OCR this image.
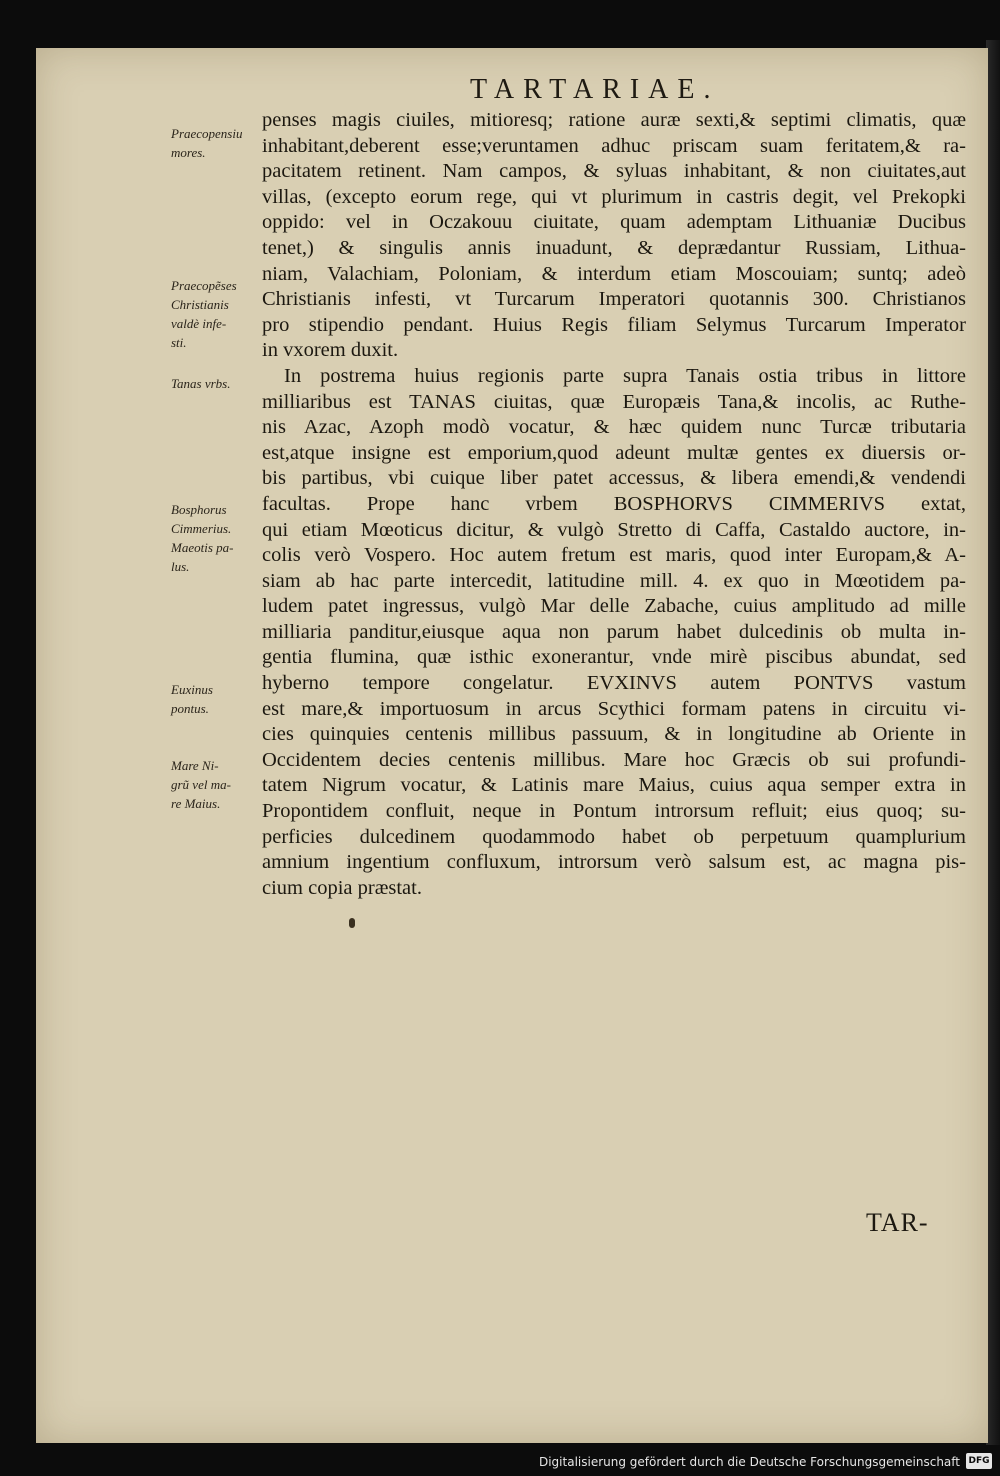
TARTARIAE.
Praecopensiu
mores.
Praecopẽses
Christianis
valdè infe-
sti.
Tanas vrbs.
Bosphorus
Cimmerius.
Maeotis pa-
lus.
Euxinus
pontus.
Mare Ni-
grũ vel ma-
re Maius.
penses magis ciuiles, mitioresq; ratione auræ sexti,& septimi climatis, quæ
inhabitant,deberent esse;veruntamen adhuc priscam suam feritatem,& ra-
pacitatem retinent. Nam campos, & syluas inhabitant, & non ciuitates,aut
villas, (excepto eorum rege, qui vt plurimum in castris degit, vel Prekopki
oppido: vel in Oczakouu ciuitate, quam ademptam Lithuaniæ Ducibus
tenet,) & singulis annis inuadunt, & deprædantur Russiam, Lithua-
niam, Valachiam, Poloniam, & interdum etiam Moscouiam; suntq; adeò
Christianis infesti, vt Turcarum Imperatori quotannis 300. Christianos
pro stipendio pendant. Huius Regis filiam Selymus Turcarum Imperator
in vxorem duxit.
In postrema huius regionis parte supra Tanais ostia tribus in littore
milliaribus est TANAS ciuitas, quæ Europæis Tana,& incolis, ac Ruthe-
nis Azac, Azoph modò vocatur, & hæc quidem nunc Turcæ tributaria
est,atque insigne est emporium,quod adeunt multæ gentes ex diuersis or-
bis partibus, vbi cuique liber patet accessus, & libera emendi,& vendendi
facultas. Prope hanc vrbem BOSPHORVS CIMMERIVS extat,
qui etiam Mœoticus dicitur, & vulgò Stretto di Caffa, Castaldo auctore, in-
colis verò Vospero. Hoc autem fretum est maris, quod inter Europam,& A-
siam ab hac parte intercedit, latitudine mill. 4. ex quo in Mœotidem pa-
ludem patet ingressus, vulgò Mar delle Zabache, cuius amplitudo ad mille
milliaria panditur,eiusque aqua non parum habet dulcedinis ob multa in-
gentia flumina, quæ isthic exonerantur, vnde mirè piscibus abundat, sed
hyberno tempore congelatur. EVXINVS autem PONTVS vastum
est mare,& importuosum in arcus Scythici formam patens in circuitu vi-
cies quinquies centenis millibus passuum, & in longitudine ab Oriente in
Occidentem decies centenis millibus. Mare hoc Græcis ob sui profundi-
tatem Nigrum vocatur, & Latinis mare Maius, cuius aqua semper extra in
Propontidem confluit, neque in Pontum introrsum refluit; eius quoq; su-
perficies dulcedinem quodammodo habet ob perpetuum quamplurium
amnium ingentium confluxum, introrsum verò salsum est, ac magna pis-
cium copia præstat.
TAR-
Digitalisierung gefördert durch die Deutsche Forschungsgemeinschaft DFG
